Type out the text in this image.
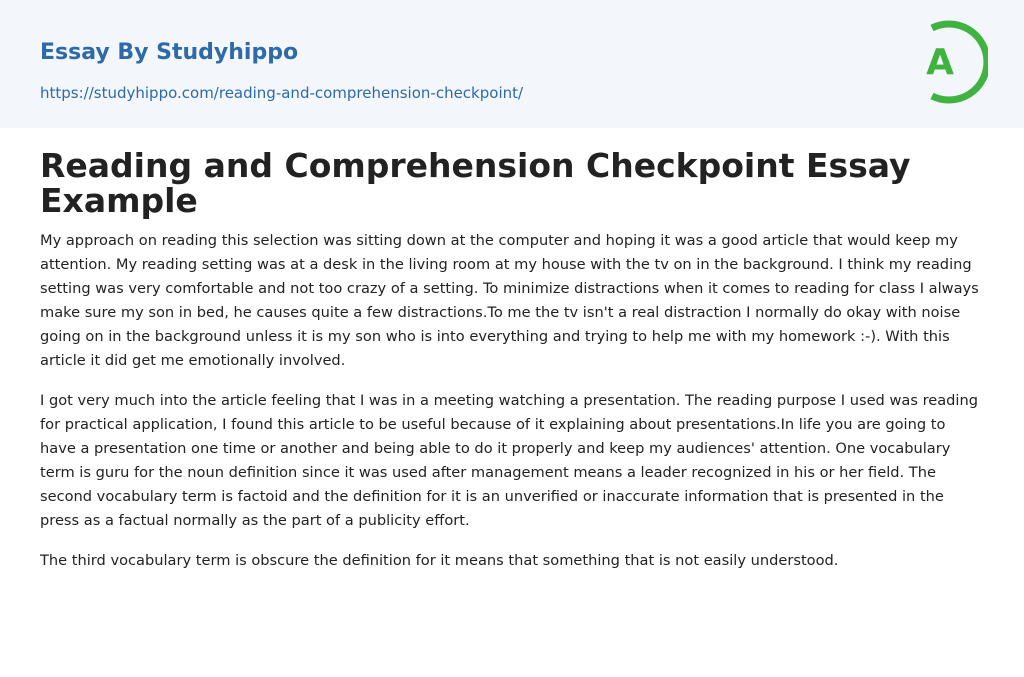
Essay By Studyhippo
https://studyhippo.com/reading-and-comprehension-checkpoint/
A
Reading and Comprehension Checkpoint Essay Example

My approach on reading this selection was sitting down at the computer and hoping it was a good article that would keep my attention. My reading setting was at a desk in the living room at my house with the tv on in the background. I think my reading setting was very comfortable and not too crazy of a setting. To minimize distractions when it comes to reading for class I always make sure my son in bed, he causes quite a few distractions.To me the tv isn't a real distraction I normally do okay with noise going on in the background unless it is my son who is into everything and trying to help me with my homework :-). With this article it did get me emotionally involved.

I got very much into the article feeling that I was in a meeting watching a presentation. The reading purpose I used was reading for practical application, I found this article to be useful because of it explaining about presentations.In life you are going to have a presentation one time or another and being able to do it properly and keep my audiences' attention. One vocabulary term is guru for the noun definition since it was used after management means a leader recognized in his or her field. The second vocabulary term is factoid and the definition for it is an unverified or inaccurate information that is presented in the press as a factual normally as the part of a publicity effort.

The third vocabulary term is obscure the definition for it means that something that is not easily understood.
